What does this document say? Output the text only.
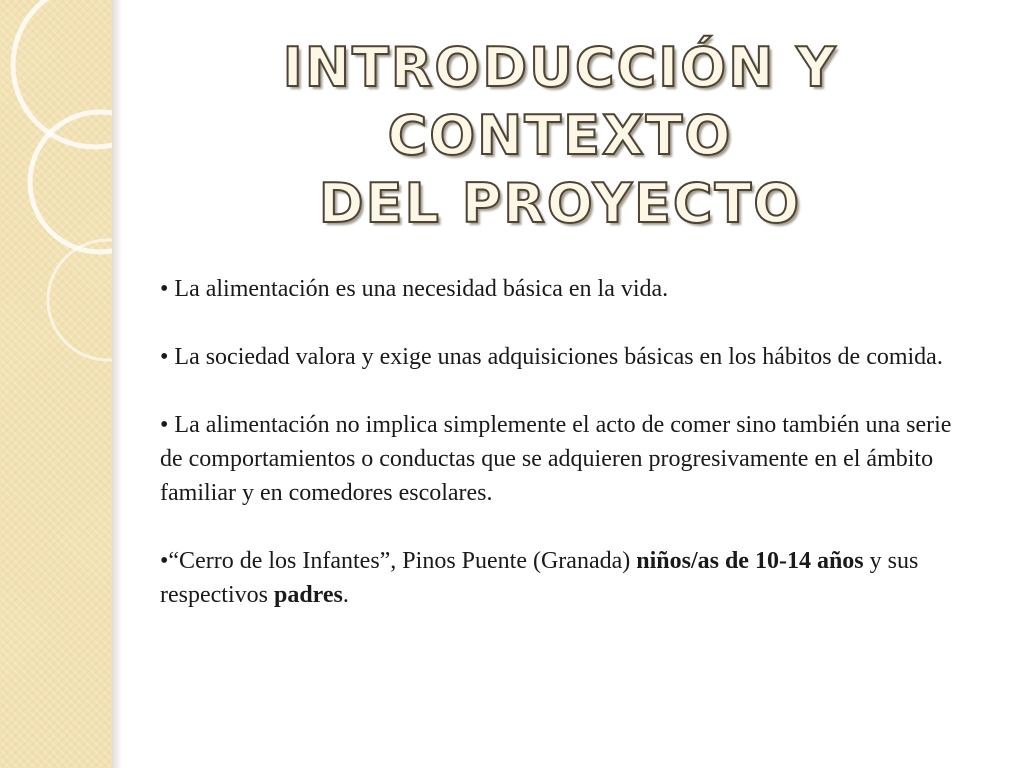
INTRODUCCIÓN Y
CONTEXTO
DEL PROYECTO

• La alimentación es una necesidad básica en la vida.

• La sociedad valora y exige unas adquisiciones básicas en los hábitos de comida.

• La alimentación no implica simplemente el acto de comer sino también una serie de comportamientos o conductas que se adquieren progresivamente en el ámbito familiar y en comedores escolares.

•“Cerro de los Infantes”, Pinos Puente (Granada) niños/as de 10-14 años y sus respectivos padres.
